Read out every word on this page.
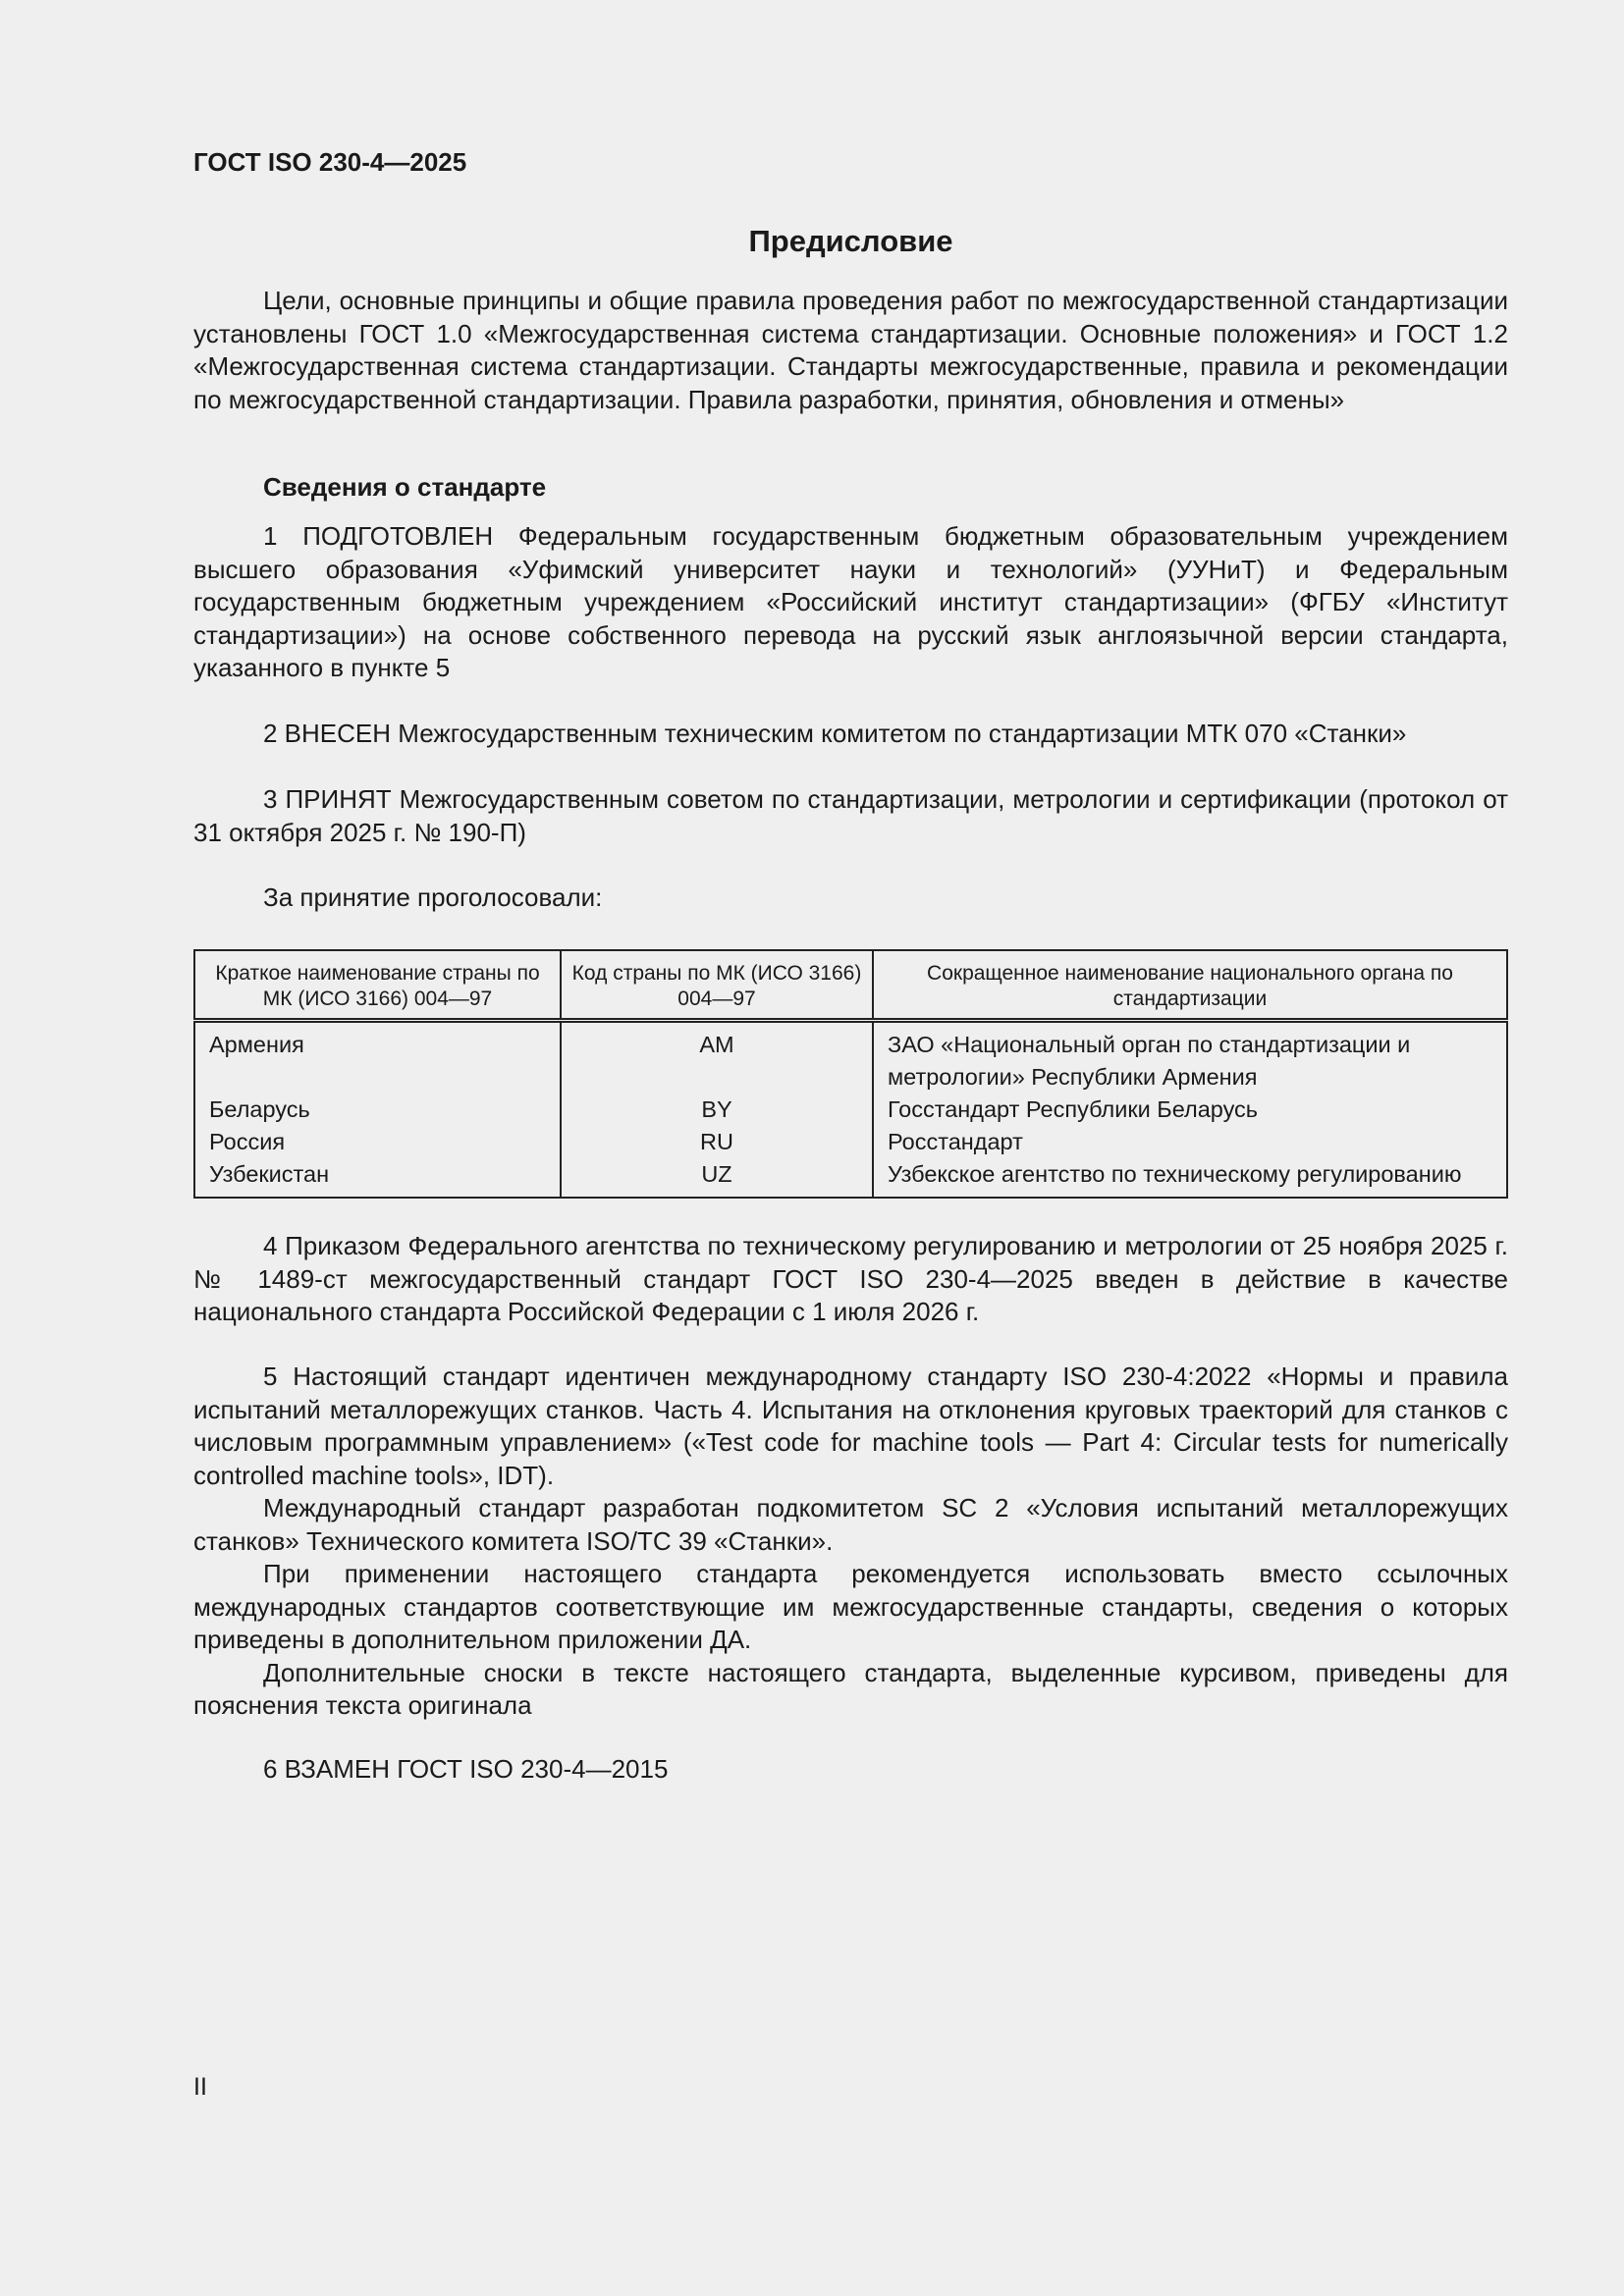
ГОСТ ISO 230-4—2025
Предисловие

Цели, основные принципы и общие правила проведения работ по межгосударственной стандартизации установлены ГОСТ 1.0 «Межгосударственная система стандартизации. Основные положения» и ГОСТ 1.2 «Межгосударственная система стандартизации. Стандарты межгосударственные, правила и рекомендации по межгосударственной стандартизации. Правила разработки, принятия, обновления и отмены»

Сведения о стандарте

1 ПОДГОТОВЛЕН Федеральным государственным бюджетным образовательным учреждением высшего образования «Уфимский университет науки и технологий» (УУНиТ) и Федеральным государственным бюджетным учреждением «Российский институт стандартизации» (ФГБУ «Институт стандартизации») на основе собственного перевода на русский язык англоязычной версии стандарта, указанного в пункте 5

2 ВНЕСЕН Межгосударственным техническим комитетом по стандартизации МТК 070 «Станки»

3 ПРИНЯТ Межгосударственным советом по стандартизации, метрологии и сертификации (протокол от 31 октября 2025 г. № 190-П)

За принятие проголосовали:

Краткое наименование страны по МК (ИСО 3166) 004—97	Код страны по МК (ИСО 3166) 004—97	Сокращенное наименование национального органа по стандартизации
Армения	AM	ЗАО «Национальный орган по стандартизации и метрологии» Республики Армения
Беларусь	BY	Госстандарт Республики Беларусь
Россия	RU	Росстандарт
Узбекистан	UZ	Узбекское агентство по техническому регулированию

4 Приказом Федерального агентства по техническому регулированию и метрологии от 25 ноября 2025 г. № 1489-ст межгосударственный стандарт ГОСТ ISO 230-4—2025 введен в действие в качестве национального стандарта Российской Федерации с 1 июля 2026 г.

5 Настоящий стандарт идентичен международному стандарту ISO 230-4:2022 «Нормы и правила испытаний металлорежущих станков. Часть 4. Испытания на отклонения круговых траекторий для станков с числовым программным управлением» («Test code for machine tools — Part 4: Circular tests for numerically controlled machine tools», IDT).

Международный стандарт разработан подкомитетом SC 2 «Условия испытаний металлорежущих станков» Технического комитета ISO/TC 39 «Станки».

При применении настоящего стандарта рекомендуется использовать вместо ссылочных международных стандартов соответствующие им межгосударственные стандарты, сведения о которых приведены в дополнительном приложении ДА.

Дополнительные сноски в тексте настоящего стандарта, выделенные курсивом, приведены для пояснения текста оригинала

6 ВЗАМЕН ГОСТ ISO 230-4—2015

II
